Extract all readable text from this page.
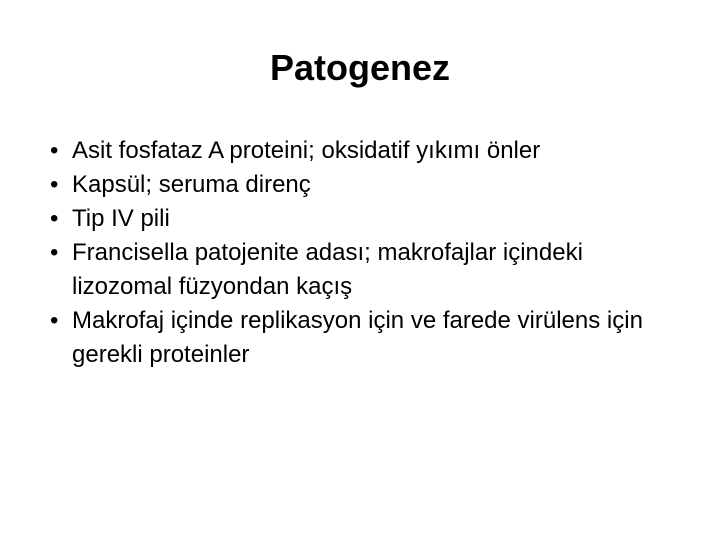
Patogenez
• Asit fosfataz A proteini; oksidatif yıkımı önler
• Kapsül; seruma direnç
• Tip IV pili
• Francisella patojenite adası; makrofajlar içindeki lizozomal füzyondan kaçış
• Makrofaj içinde replikasyon için ve farede virülens için gerekli proteinler
